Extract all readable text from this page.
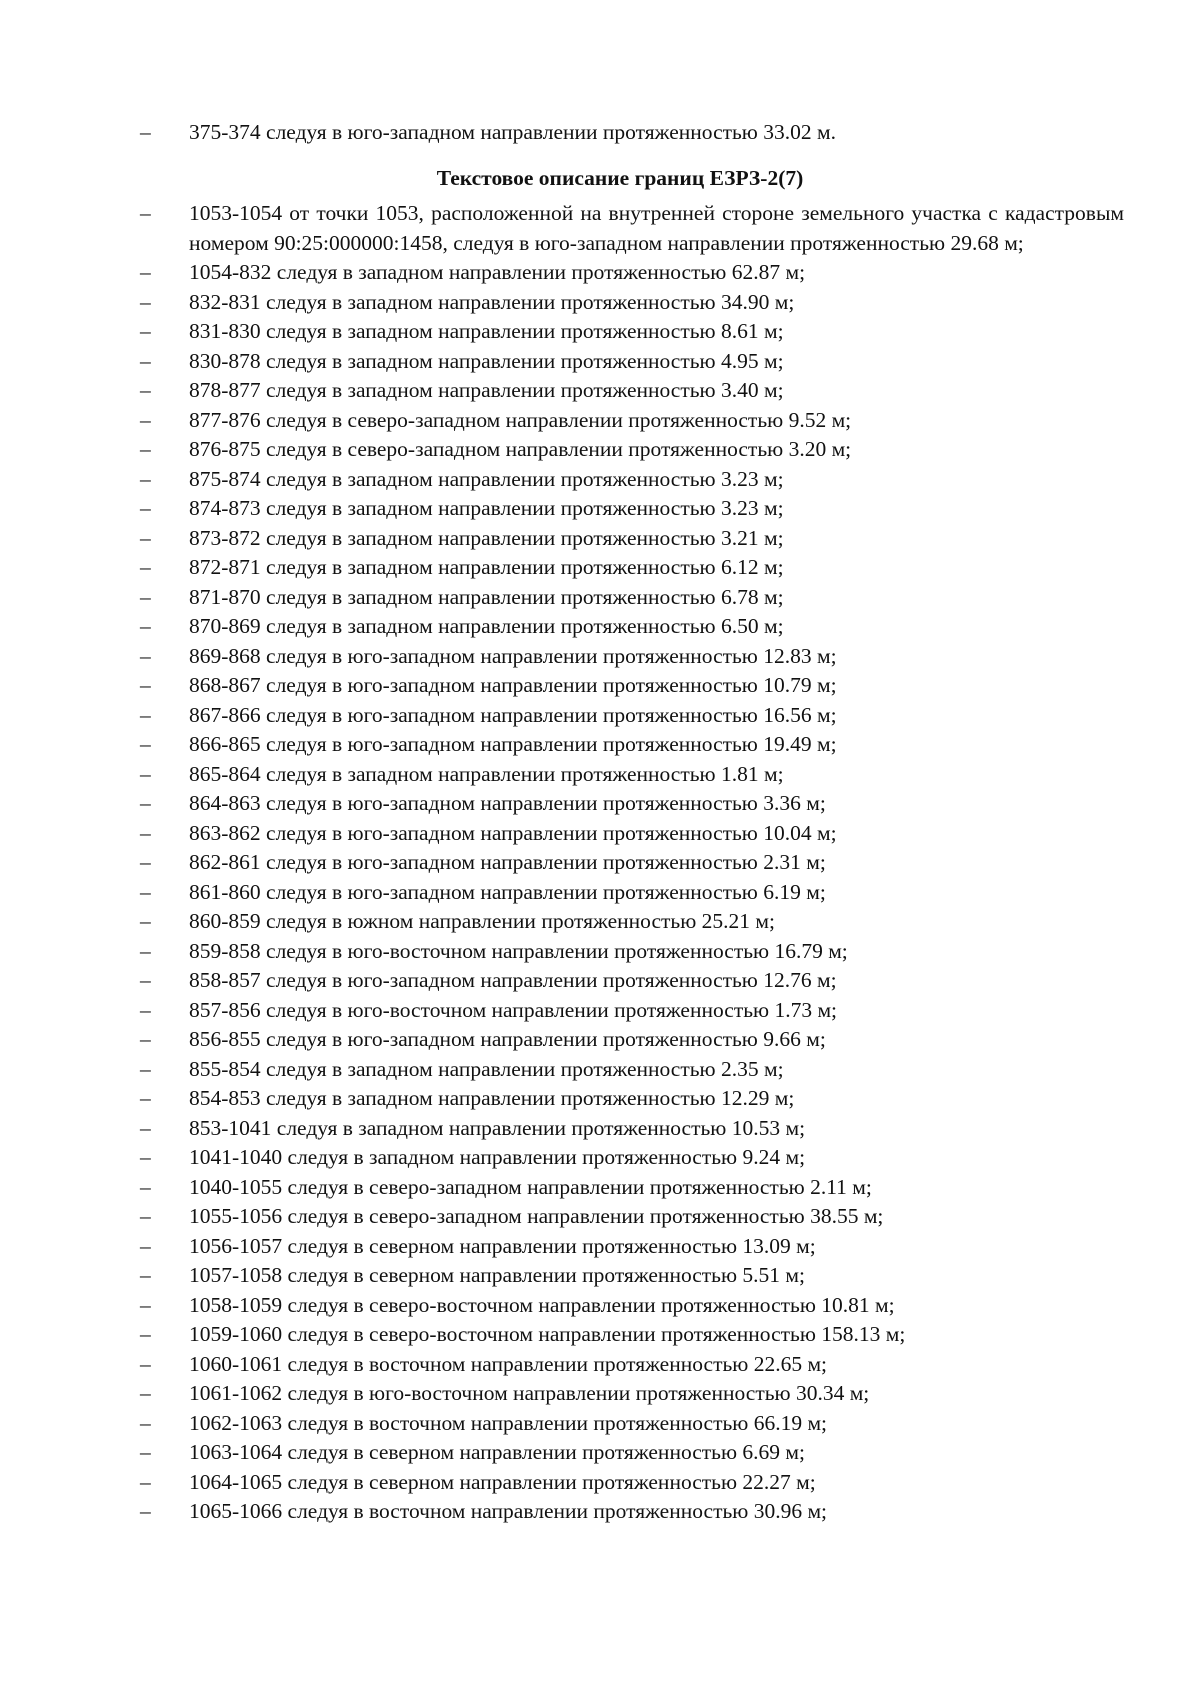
–	375-374 следуя в юго-западном направлении протяженностью 33.02 м.
Текстовое описание границ ЕЗРЗ-2(7)
–	1053-1054 от точки 1053, расположенной на внутренней стороне земельного участка с кадастровым номером 90:25:000000:1458, следуя в юго-западном направлении протяженностью 29.68 м;
–	1054-832 следуя в западном направлении протяженностью 62.87 м;
–	832-831 следуя в западном направлении протяженностью 34.90 м;
–	831-830 следуя в западном направлении протяженностью 8.61 м;
–	830-878 следуя в западном направлении протяженностью 4.95 м;
–	878-877 следуя в западном направлении протяженностью 3.40 м;
–	877-876 следуя в северо-западном направлении протяженностью 9.52 м;
–	876-875 следуя в северо-западном направлении протяженностью 3.20 м;
–	875-874 следуя в западном направлении протяженностью 3.23 м;
–	874-873 следуя в западном направлении протяженностью 3.23 м;
–	873-872 следуя в западном направлении протяженностью 3.21 м;
–	872-871 следуя в западном направлении протяженностью 6.12 м;
–	871-870 следуя в западном направлении протяженностью 6.78 м;
–	870-869 следуя в западном направлении протяженностью 6.50 м;
–	869-868 следуя в юго-западном направлении протяженностью 12.83 м;
–	868-867 следуя в юго-западном направлении протяженностью 10.79 м;
–	867-866 следуя в юго-западном направлении протяженностью 16.56 м;
–	866-865 следуя в юго-западном направлении протяженностью 19.49 м;
–	865-864 следуя в западном направлении протяженностью 1.81 м;
–	864-863 следуя в юго-западном направлении протяженностью 3.36 м;
–	863-862 следуя в юго-западном направлении протяженностью 10.04 м;
–	862-861 следуя в юго-западном направлении протяженностью 2.31 м;
–	861-860 следуя в юго-западном направлении протяженностью 6.19 м;
–	860-859 следуя в южном направлении протяженностью 25.21 м;
–	859-858 следуя в юго-восточном направлении протяженностью 16.79 м;
–	858-857 следуя в юго-западном направлении протяженностью 12.76 м;
–	857-856 следуя в юго-восточном направлении протяженностью 1.73 м;
–	856-855 следуя в юго-западном направлении протяженностью 9.66 м;
–	855-854 следуя в западном направлении протяженностью 2.35 м;
–	854-853 следуя в западном направлении протяженностью 12.29 м;
–	853-1041 следуя в западном направлении протяженностью 10.53 м;
–	1041-1040 следуя в западном направлении протяженностью 9.24 м;
–	1040-1055 следуя в северо-западном направлении протяженностью 2.11 м;
–	1055-1056 следуя в северо-западном направлении протяженностью 38.55 м;
–	1056-1057 следуя в северном направлении протяженностью 13.09 м;
–	1057-1058 следуя в северном направлении протяженностью 5.51 м;
–	1058-1059 следуя в северо-восточном направлении протяженностью 10.81 м;
–	1059-1060 следуя в северо-восточном направлении протяженностью 158.13 м;
–	1060-1061 следуя в восточном направлении протяженностью 22.65 м;
–	1061-1062 следуя в юго-восточном направлении протяженностью 30.34 м;
–	1062-1063 следуя в восточном направлении протяженностью 66.19 м;
–	1063-1064 следуя в северном направлении протяженностью 6.69 м;
–	1064-1065 следуя в северном направлении протяженностью 22.27 м;
–	1065-1066 следуя в восточном направлении протяженностью 30.96 м;
